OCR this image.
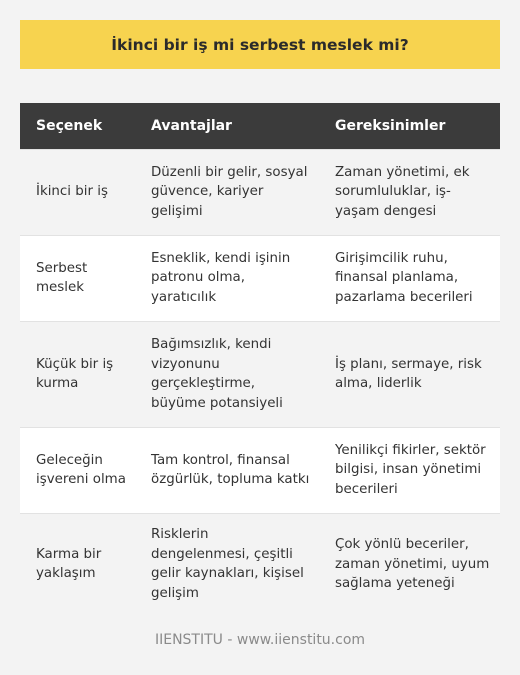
İkinci bir iş mi serbest meslek mi?
Seçenek	Avantajlar	Gereksinimler
İkinci bir iş	Düzenli bir gelir, sosyal güvence, kariyer gelişimi	Zaman yönetimi, ek sorumluluklar, iş-yaşam dengesi
Serbest meslek	Esneklik, kendi işinin patronu olma, yaratıcılık	Girişimcilik ruhu, finansal planlama, pazarlama becerileri
Küçük bir iş kurma	Bağımsızlık, kendi vizyonunu gerçekleştirme, büyüme potansiyeli	İş planı, sermaye, risk alma, liderlik
Geleceğin işvereni olma	Tam kontrol, finansal özgürlük, topluma katkı	Yenilikçi fikirler, sektör bilgisi, insan yönetimi becerileri
Karma bir yaklaşım	Risklerin dengelenmesi, çeşitli gelir kaynakları, kişisel gelişim	Çok yönlü beceriler, zaman yönetimi, uyum sağlama yeteneği
IIENSTITU - www.iienstitu.com
